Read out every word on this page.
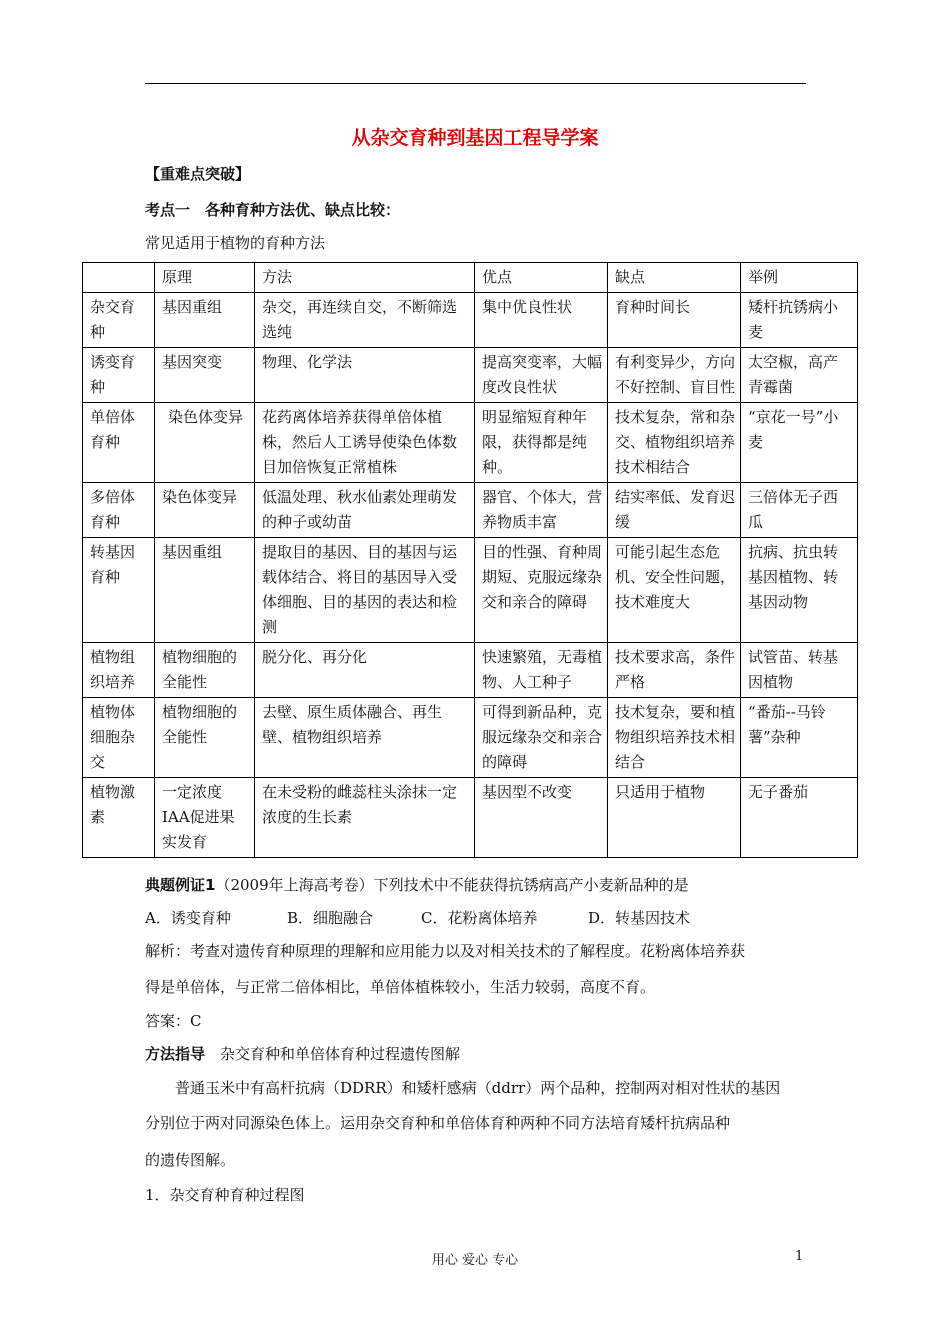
从杂交育种到基因工程导学案
【重难点突破】
考点一　各种育种方法优、缺点比较：
常见适用于植物的育种方法
	原理	方法	优点	缺点	举例
杂交育种	基因重组	杂交，再连续自交，不断筛选选纯	集中优良性状	育种时间长	矮杆抗锈病小麦
诱变育种	基因突变	物理、化学法	提高突变率，大幅度改良性状	有利变异少，方向不好控制、盲目性	太空椒，高产青霉菌
单倍体育种	染色体变异	花药离体培养获得单倍体植株，然后人工诱导使染色体数目加倍恢复正常植株	明显缩短育种年限，获得都是纯种。	技术复杂，常和杂交、植物组织培养技术相结合	“京花一号”小麦
多倍体育种	染色体变异	低温处理、秋水仙素处理萌发的种子或幼苗	器官、个体大，营养物质丰富	结实率低、发育迟缓	三倍体无子西瓜
转基因育种	基因重组	提取目的基因、目的基因与运载体结合、将目的基因导入受体细胞、目的基因的表达和检测	目的性强、育种周期短、克服远缘杂交和亲合的障碍	可能引起生态危机、安全性问题，技术难度大	抗病、抗虫转基因植物、转基因动物
植物组织培养	植物细胞的全能性	脱分化、再分化	快速繁殖，无毒植物、人工种子	技术要求高，条件严格	试管苗、转基因植物
植物体细胞杂交	植物细胞的全能性	去壁、原生质体融合、再生壁、植物组织培养	可得到新品种，克服远缘杂交和亲合的障碍	技术复杂，要和植物组织培养技术相结合	“番茄--马铃薯”杂种
植物激素	一定浓度IAA促进果实发育	在未受粉的雌蕊柱头涂抹一定浓度的生长素	基因型不改变	只适用于植物	无子番茄
典题例证1（2009年上海高考卷）下列技术中不能获得抗锈病高产小麦新品种的是
A．诱变育种	B．细胞融合	C．花粉离体培养	D．转基因技术
解析：考查对遗传育种原理的理解和应用能力以及对相关技术的了解程度。花粉离体培养获
得是单倍体，与正常二倍体相比，单倍体植株较小，生活力较弱，高度不育。
答案：C
方法指导　杂交育种和单倍体育种过程遗传图解
　　普通玉米中有高杆抗病（DDRR）和矮杆感病（ddrr）两个品种，控制两对相对性状的基因
分别位于两对同源染色体上。运用杂交育种和单倍体育种两种不同方法培育矮杆抗病品种
的遗传图解。
1．杂交育种育种过程图
用心 爱心 专心	1
